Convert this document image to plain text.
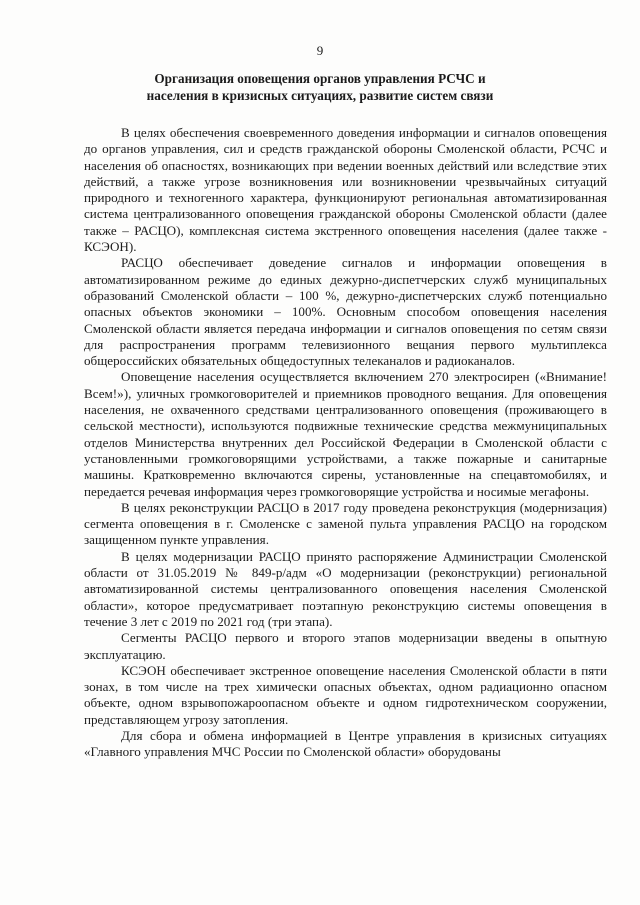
9
Организация оповещения органов управления РСЧС и
населения в кризисных ситуациях, развитие систем связи

В целях обеспечения своевременного доведения информации и сигналов оповещения до органов управления, сил и средств гражданской обороны Смоленской области, РСЧС и населения об опасностях, возникающих при ведении военных действий или вследствие этих действий, а также угрозе возникновения или возникновении чрезвычайных ситуаций природного и техногенного характера, функционируют региональная автоматизированная система централизованного оповещения гражданской обороны Смоленской области (далее также – РАСЦО), комплексная система экстренного оповещения населения (далее также - КСЭОН).

РАСЦО обеспечивает доведение сигналов и информации оповещения в автоматизированном режиме до единых дежурно-диспетчерских служб муниципальных образований Смоленской области – 100 %, дежурно-диспетчерских служб потенциально опасных объектов экономики – 100%. Основным способом оповещения населения Смоленской области является передача информации и сигналов оповещения по сетям связи для распространения программ телевизионного вещания первого мультиплекса общероссийских обязательных общедоступных телеканалов и радиоканалов.

Оповещение населения осуществляется включением 270 электросирен («Внимание! Всем!»), уличных громкоговорителей и приемников проводного вещания. Для оповещения населения, не охваченного средствами централизованного оповещения (проживающего в сельской местности), используются подвижные технические средства межмуниципальных отделов Министерства внутренних дел Российской Федерации в Смоленской области с установленными громкоговорящими устройствами, а также пожарные и санитарные машины. Кратковременно включаются сирены, установленные на спецавтомобилях, и передается речевая информация через громкоговорящие устройства и носимые мегафоны.

В целях реконструкции РАСЦО в 2017 году проведена реконструкция (модернизация) сегмента оповещения в г. Смоленске с заменой пульта управления РАСЦО на городском защищенном пункте управления.

В целях модернизации РАСЦО принято распоряжение Администрации Смоленской области от 31.05.2019 № 849-р/адм «О модернизации (реконструкции) региональной автоматизированной системы централизованного оповещения населения Смоленской области», которое предусматривает поэтапную реконструкцию системы оповещения в течение 3 лет с 2019 по 2021 год (три этапа).

Сегменты РАСЦО первого и второго этапов модернизации введены в опытную эксплуатацию.

КСЭОН обеспечивает экстренное оповещение населения Смоленской области в пяти зонах, в том числе на трех химически опасных объектах, одном радиационно опасном объекте, одном взрывопожароопасном объекте и одном гидротехническом сооружении, представляющем угрозу затопления.

Для сбора и обмена информацией в Центре управления в кризисных ситуациях «Главного управления МЧС России по Смоленской области» оборудованы
